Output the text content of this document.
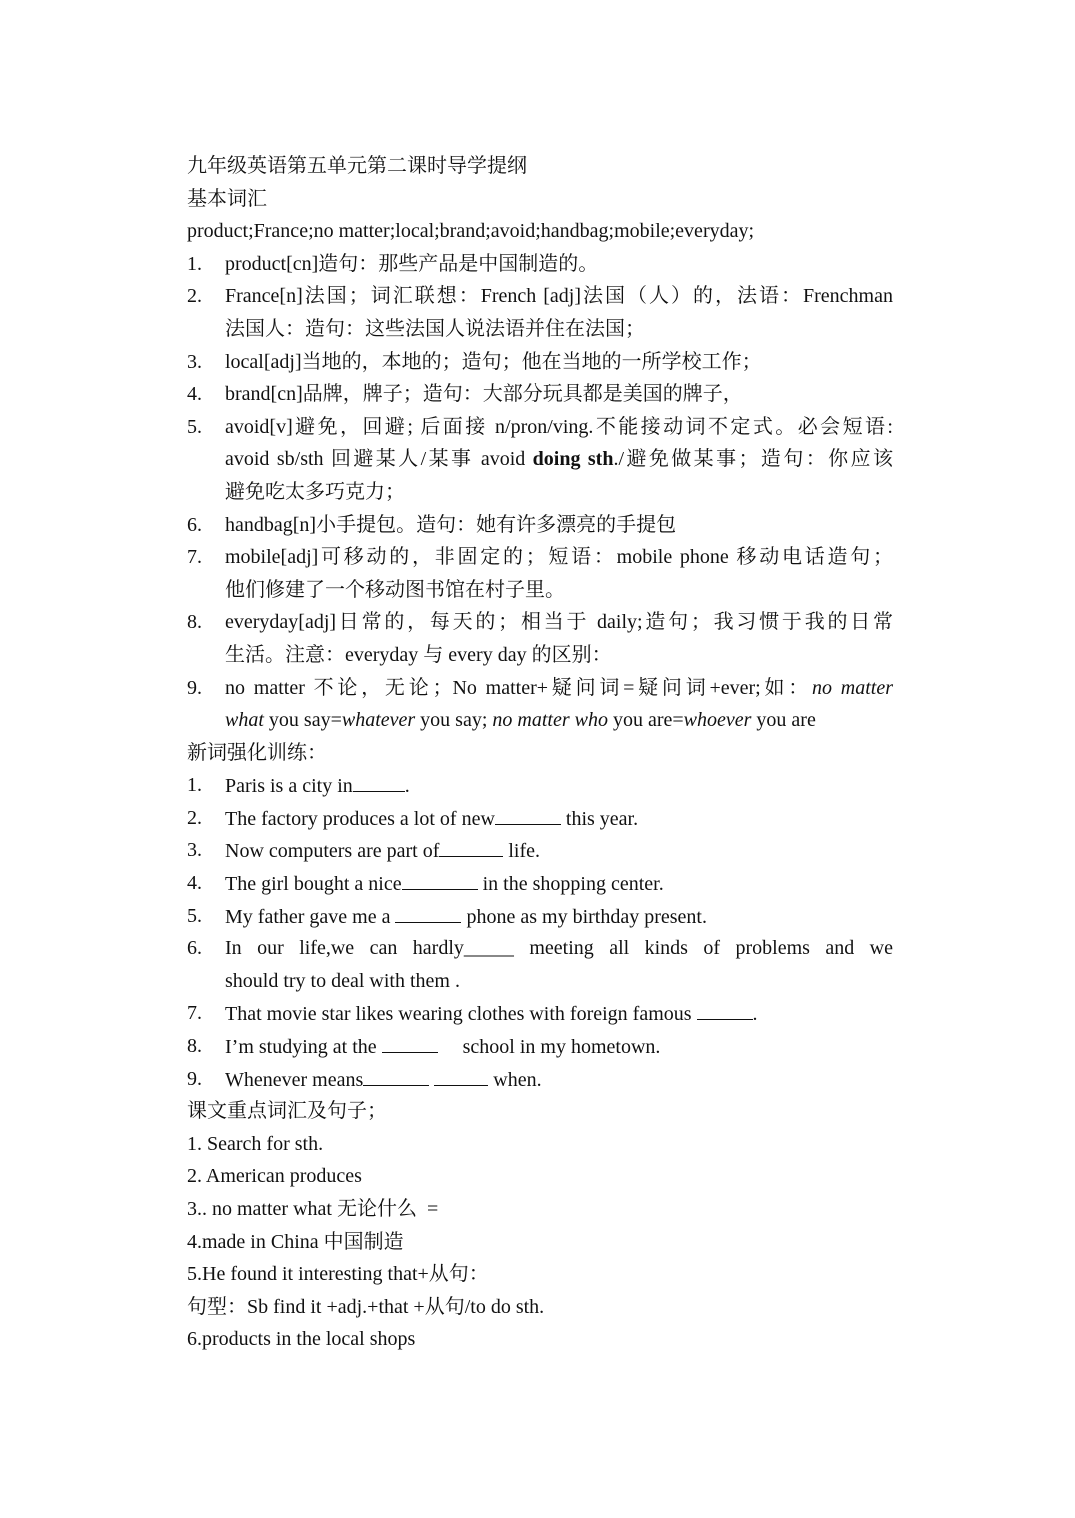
九年级英语第五单元第二课时导学提纲
基本词汇
product;France;no matter;local;brand;avoid;handbag;mobile;everyday;
1. product[cn]造句：那些产品是中国制造的。
2. France[n]法国；词汇联想：French [adj]法国（人）的，法语：Frenchman
法国人：造句：这些法国人说法语并住在法国；
3. local[adj]当地的，本地的；造句；他在当地的一所学校工作；
4. brand[cn]品牌，牌子；造句：大部分玩具都是美国的牌子，
5. avoid[v]避免，回避; 后面接 n/pron/ving.不能接动词不定式。必会短语:
avoid sb/sth 回避某人/某事 avoid doing sth./避免做某事；造句：你应该
避免吃太多巧克力；
6. handbag[n]小手提包。造句：她有许多漂亮的手提包
7. mobile[adj]可移动的，非固定的；短语：mobile phone 移动电话造句；
他们修建了一个移动图书馆在村子里。
8. everyday[adj]日常的，每天的；相当于 daily;造句；我习惯于我的日常
生活。注意：everyday 与 every day 的区别：
9. no matter 不论，无论；No matter+疑问词=疑问词+ever;如：no matter
what you say=whatever you say; no matter who you are=whoever you are
新词强化训练：
1. Paris is a city in	.
2. The factory produces a lot of new	this year.
3. Now computers are part of	life.
4. The girl bought a nice	in the shopping center.
5. My father gave me a	phone as my birthday present.
6. In our life,we can hardly_____ meeting all kinds of problems and we
should try to deal with them .
7. That movie star likes wearing clothes with foreign famous	.
8. I’m studying at the	school in my hometown.
9. Whenever means	when.
课文重点词汇及句子；
1. Search for sth.
2. American produces
3.. no matter what 无论什么  =
4.made in China 中国制造
5.He found it interesting that+从句：
句型：Sb find it +adj.+that +从句/to do sth.
6.products in the local shops
